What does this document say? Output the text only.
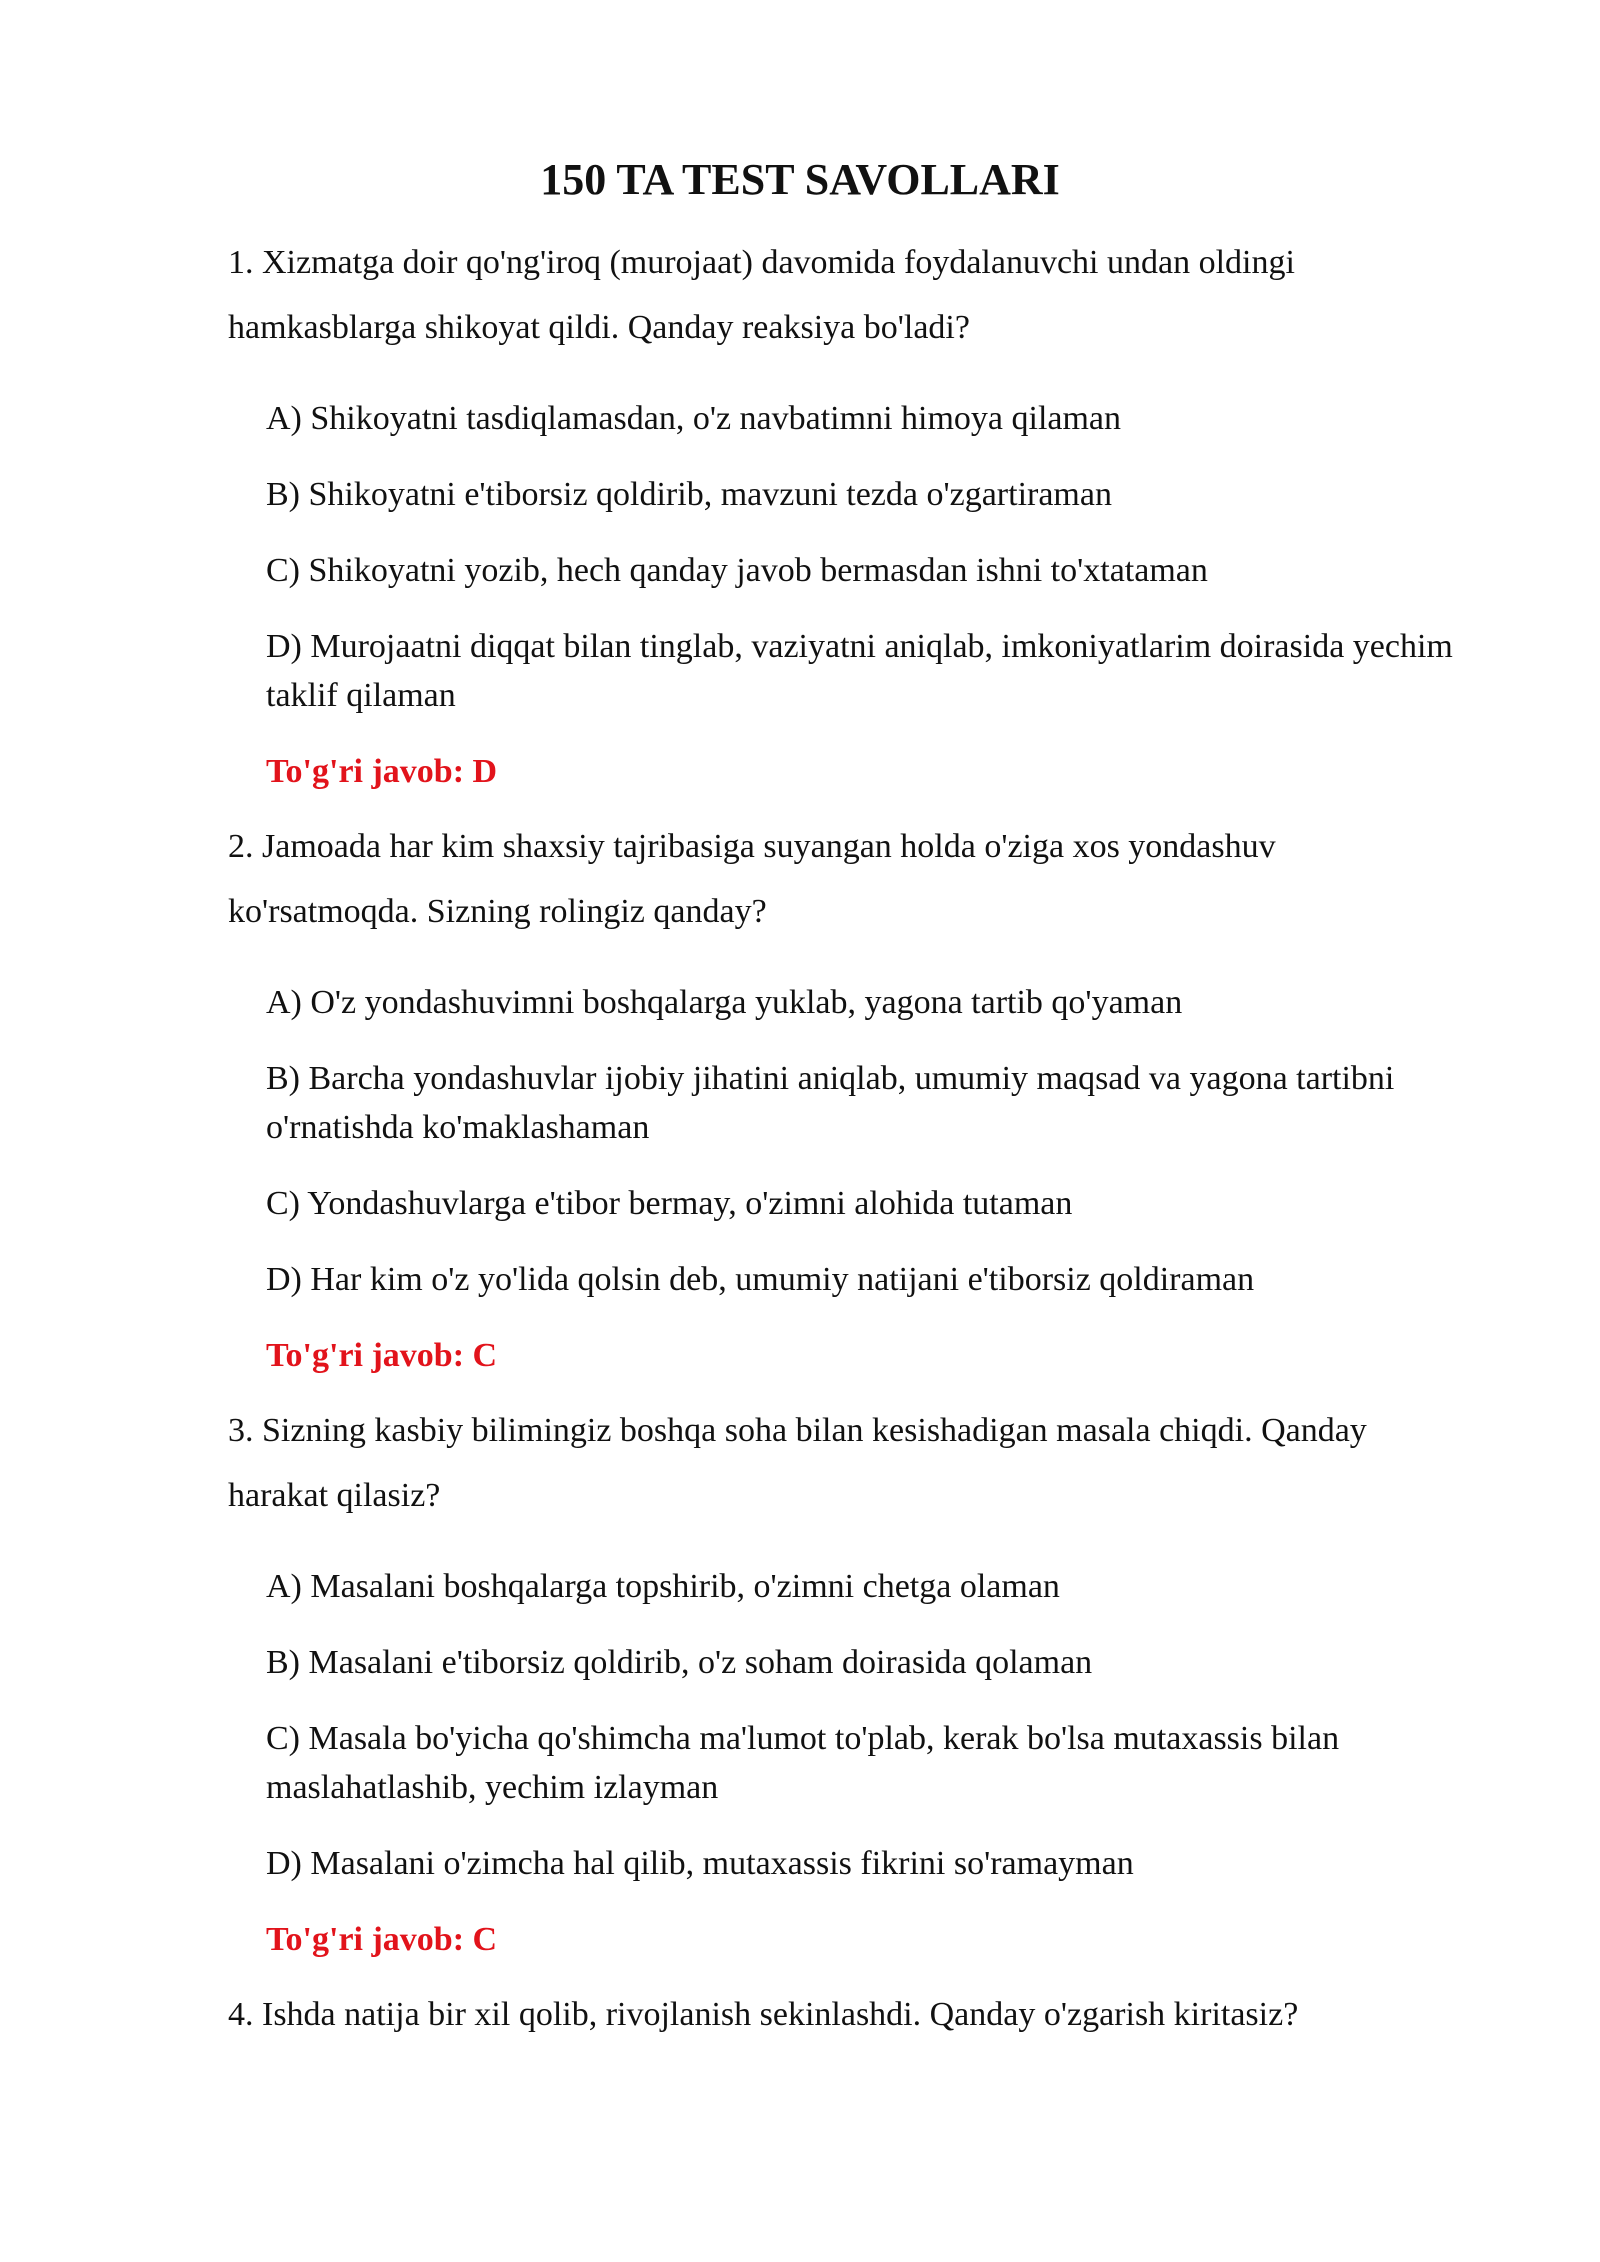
150 TA TEST SAVOLLARI

1. Xizmatga doir qo'ng'iroq (murojaat) davomida foydalanuvchi undan oldingi hamkasblarga shikoyat qildi. Qanday reaksiya bo'ladi?

A) Shikoyatni tasdiqlamasdan, o'z navbatimni himoya qilaman

B) Shikoyatni e'tiborsiz qoldirib, mavzuni tezda o'zgartiraman

C) Shikoyatni yozib, hech qanday javob bermasdan ishni to'xtataman

D) Murojaatni diqqat bilan tinglab, vaziyatni aniqlab, imkoniyatlarim doirasida yechim taklif qilaman

To'g'ri javob: D

2. Jamoada har kim shaxsiy tajribasiga suyangan holda o'ziga xos yondashuv ko'rsatmoqda. Sizning rolingiz qanday?

A) O'z yondashuvimni boshqalarga yuklab, yagona tartib qo'yaman

B) Barcha yondashuvlar ijobiy jihatini aniqlab, umumiy maqsad va yagona tartibni o'rnatishda ko'maklashaman

C) Yondashuvlarga e'tibor bermay, o'zimni alohida tutaman

D) Har kim o'z yo'lida qolsin deb, umumiy natijani e'tiborsiz qoldiraman

To'g'ri javob: C

3. Sizning kasbiy bilimingiz boshqa soha bilan kesishadigan masala chiqdi. Qanday harakat qilasiz?

A) Masalani boshqalarga topshirib, o'zimni chetga olaman

B) Masalani e'tiborsiz qoldirib, o'z soham doirasida qolaman

C) Masala bo'yicha qo'shimcha ma'lumot to'plab, kerak bo'lsa mutaxassis bilan maslahatlashib, yechim izlayman

D) Masalani o'zimcha hal qilib, mutaxassis fikrini so'ramayman

To'g'ri javob: C

4. Ishda natija bir xil qolib, rivojlanish sekinlashdi. Qanday o'zgarish kiritasiz?
